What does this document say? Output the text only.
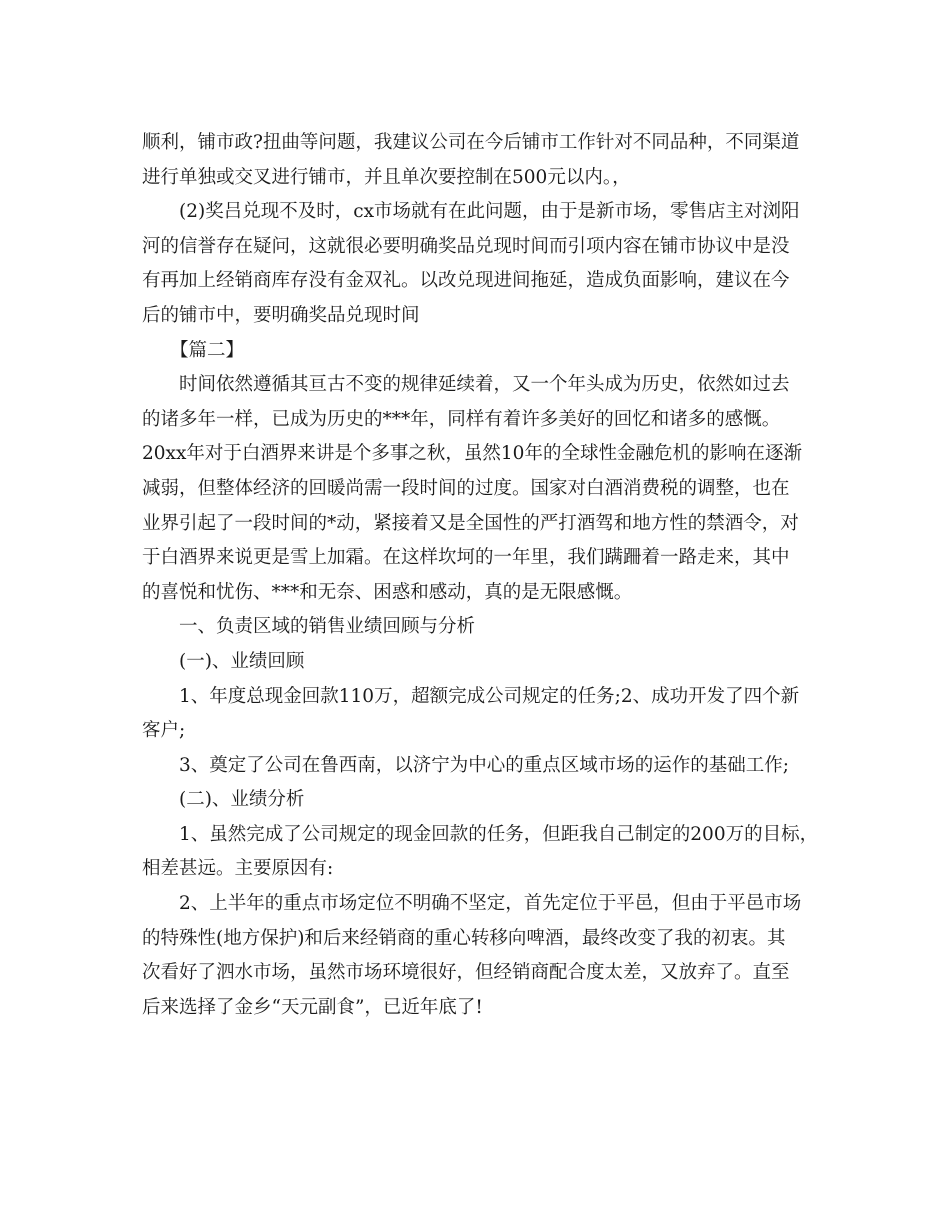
顺利，铺市政?扭曲等问题，我建议公司在今后铺市工作针对不同品种，不同渠道
进行单独或交叉进行铺市，并且单次要控制在500元以内。，
(2)奖吕兑现不及时，cx市场就有在此问题，由于是新市场，零售店主对浏阳
河的信誉存在疑问，这就很必要明确奖品兑现时间而引项内容在铺市协议中是没
有再加上经销商库存没有金双礼。以改兑现进间拖延，造成负面影响，建议在今
后的铺市中，要明确奖品兑现时间
【篇二】
时间依然遵循其亘古不变的规律延续着，又一个年头成为历史，依然如过去
的诸多年一样，已成为历史的***年，同样有着许多美好的回忆和诸多的感慨。
20xx年对于白酒界来讲是个多事之秋，虽然10年的全球性金融危机的影响在逐渐
减弱，但整体经济的回暖尚需一段时间的过度。国家对白酒消费税的调整，也在
业界引起了一段时间的*动，紧接着又是全国性的严打酒驾和地方性的禁酒令，对
于白酒界来说更是雪上加霜。在这样坎坷的一年里，我们蹒跚着一路走来，其中
的喜悦和忧伤、***和无奈、困惑和感动，真的是无限感慨。
一、负责区域的销售业绩回顾与分析
(一)、业绩回顾
1、年度总现金回款110万，超额完成公司规定的任务;2、成功开发了四个新
客户;
3、奠定了公司在鲁西南，以济宁为中心的重点区域市场的运作的基础工作;
(二)、业绩分析
1、虽然完成了公司规定的现金回款的任务，但距我自己制定的200万的目标，
相差甚远。主要原因有:
2、上半年的重点市场定位不明确不坚定，首先定位于平邑，但由于平邑市场
的特殊性(地方保护)和后来经销商的重心转移向啤酒，最终改变了我的初衷。其
次看好了泗水市场，虽然市场环境很好，但经销商配合度太差，又放弃了。直至
后来选择了金乡“天元副食”，已近年底了!
